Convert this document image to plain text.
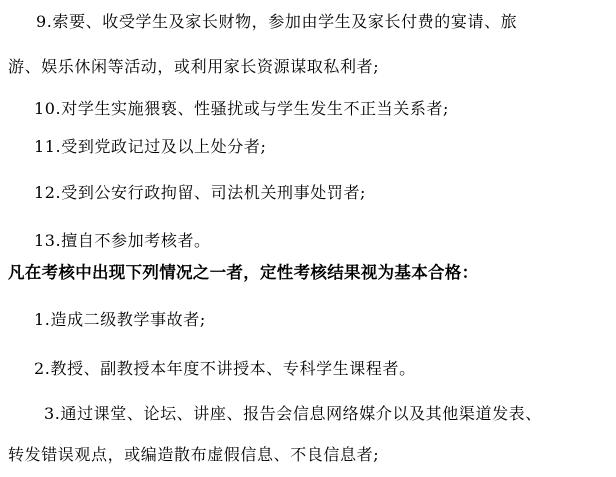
9.索要、收受学生及家长财物，参加由学生及家长付费的宴请、旅
游、娱乐休闲等活动，或利用家长资源谋取私利者;
10.对学生实施猥亵、性骚扰或与学生发生不正当关系者;
11.受到党政记过及以上处分者;
12.受到公安行政拘留、司法机关刑事处罚者;
13.擅自不参加考核者。
凡在考核中出现下列情况之一者，定性考核结果视为基本合格：
1.造成二级教学事故者;
2.教授、副教授本年度不讲授本、专科学生课程者。
3.通过课堂、论坛、讲座、报告会信息网络媒介以及其他渠道发表、
转发错误观点，或编造散布虚假信息、不良信息者;
